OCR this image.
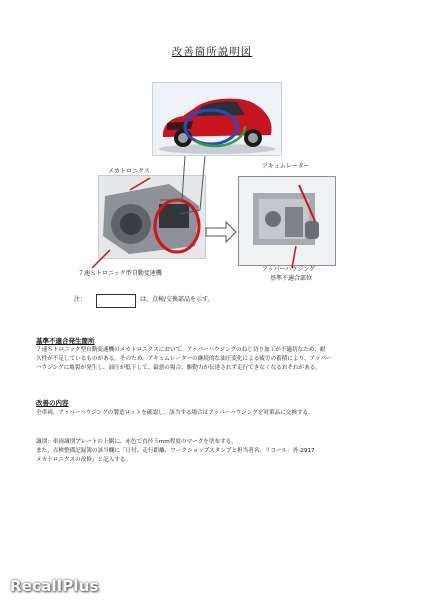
改善箇所説明図
メカトロニクス
アキュムレーター
７速Ｓトロニック型自動変速機
アッパーハウジング
基準不適合部位
注：	は、点検/交換部品を示す。
基準不適合発生箇所
７速Ｓトロニック型自動変速機のメカトロニクスにおいて、アッパーハウジングのねじ切り加工が不適切なため、耐
久性が不足しているものがある。そのため、アキュムレーターの継続的な油圧変化による疲労の蓄積により、アッパー
ハウジングに亀裂が発生し、油圧が低下して、最悪の場合、駆動力が伝達されず走行できなくなるおそれがある。
改善の内容
全車両、アッパーハウジングの製造ロットを確認し、該当する場合はアッパーハウジングを対策品に交換する。
識別：車両識別プレートの上側に、赤色で直径５mm程度のマークを塗布する。
また、点検整備記録簿の該当欄に「日付、走行距離、ワークショップスタンプと担当者名、リコール：外-2917
メカトロニクスの改修」と記入する。
RecallPlus
